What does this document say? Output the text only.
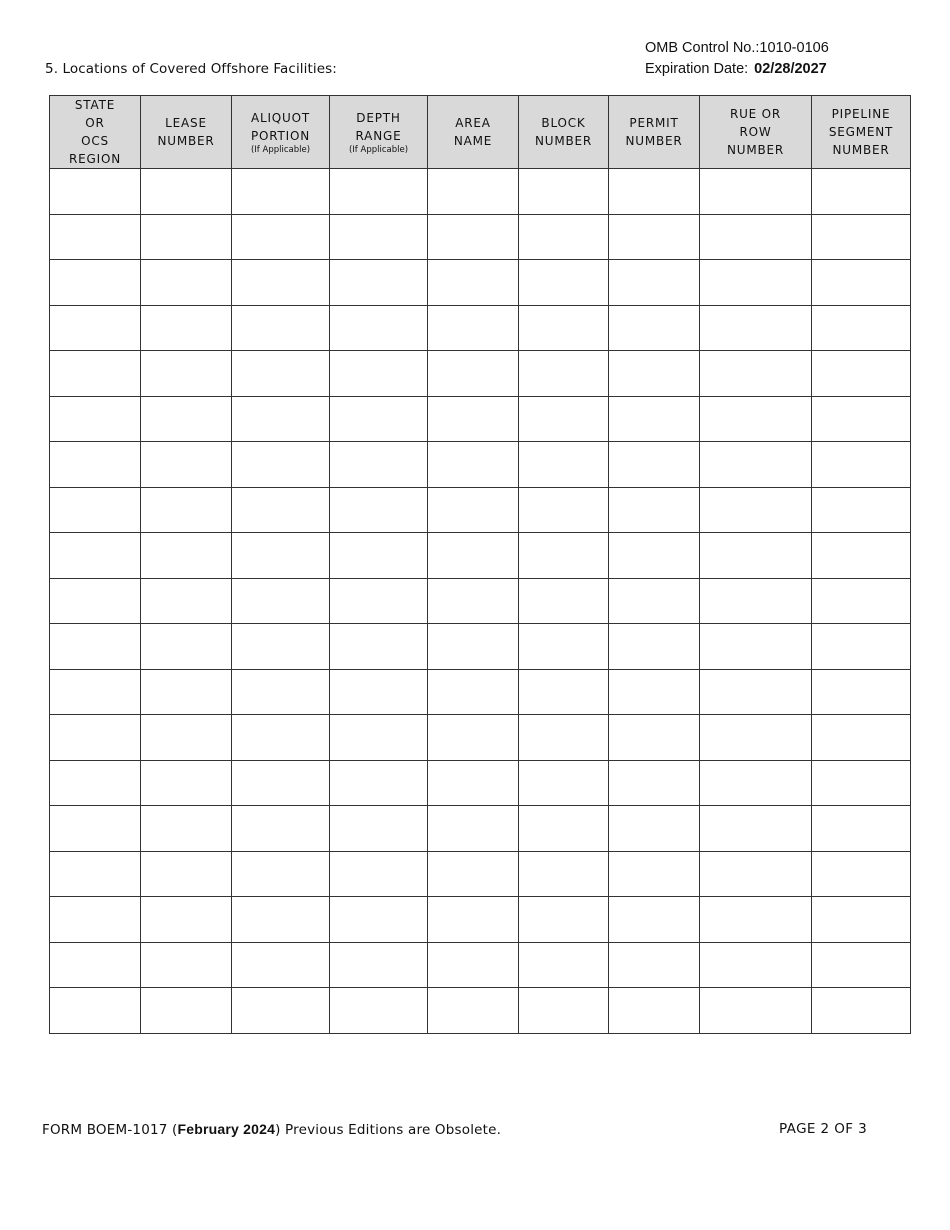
OMB Control No.:1010-0106
Expiration Date: 02/28/2027
5. Locations of Covered Offshore Facilities:
STATE
OR
OCS
REGION	LEASE
NUMBER	ALIQUOT
PORTION
(If Applicable)	DEPTH
RANGE
(If Applicable)	AREA
NAME	BLOCK
NUMBER	PERMIT
NUMBER	RUE OR
ROW
NUMBER	PIPELINE
SEGMENT
NUMBER

FORM BOEM-1017 (February 2024) Previous Editions are Obsolete.	PAGE 2 OF 3
